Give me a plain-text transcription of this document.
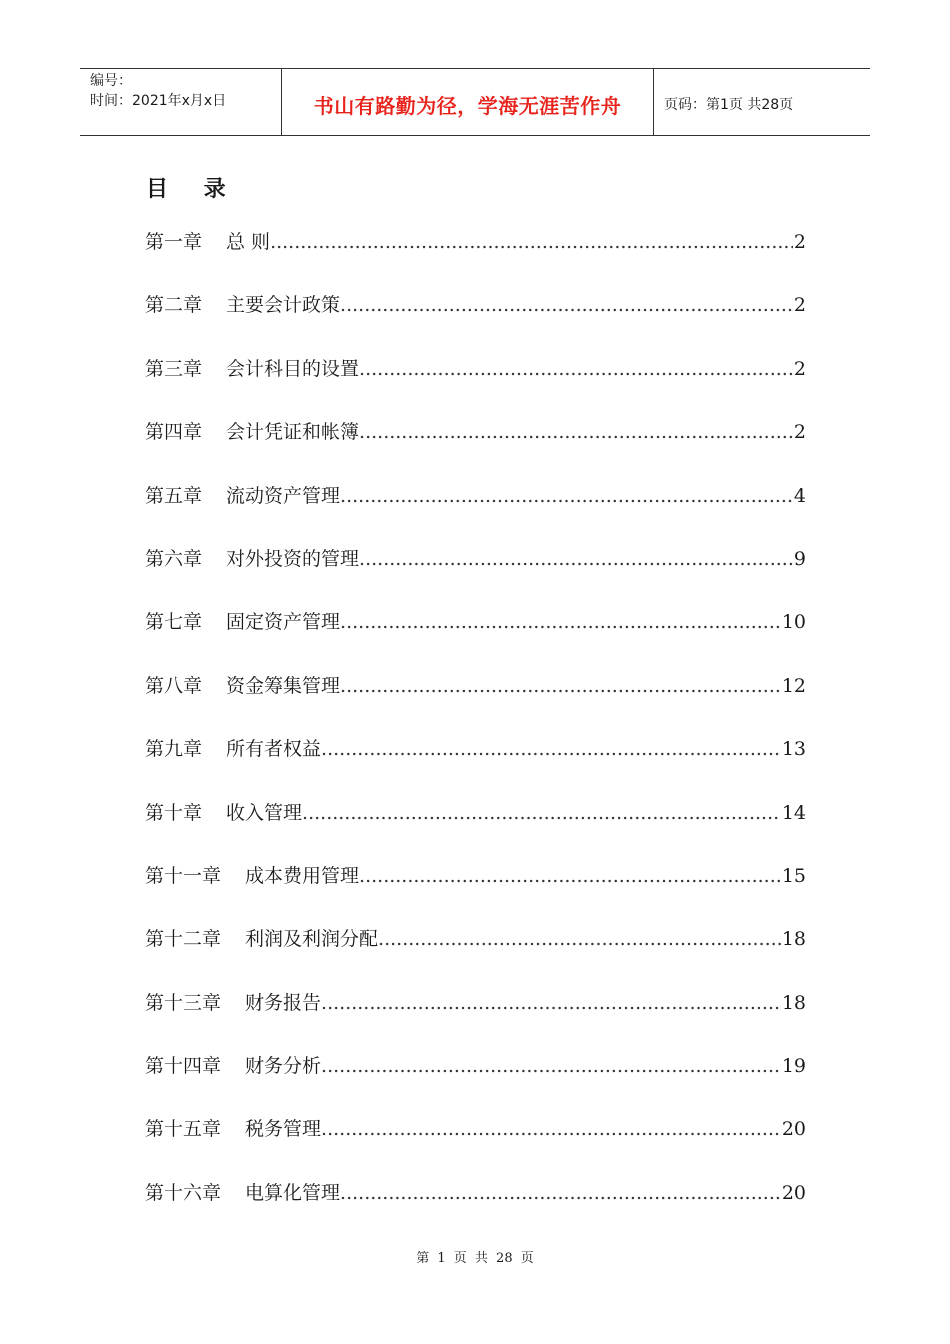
编号：
时间：2021年x月x日	书山有路勤为径，学海无涯苦作舟	页码：第1页 共28页
目 录
第一章	总 则 .....	2
第二章	主要会计政策 .....	2
第三章	会计科目的设置 .....	2
第四章	会计凭证和帐簿 .....	2
第五章	流动资产管理 .....	4
第六章	对外投资的管理 .....	9
第七章	固定资产管理 .....	10
第八章	资金筹集管理 .....	12
第九章	所有者权益 .....	13
第十章	收入管理 .....	14
第十一章	成本费用管理 .....	15
第十二章	利润及利润分配 .....	18
第十三章	财务报告 .....	18
第十四章	财务分析 .....	19
第十五章	税务管理 .....	20
第十六章	电算化管理 .....	20
第 1 页 共 28 页
